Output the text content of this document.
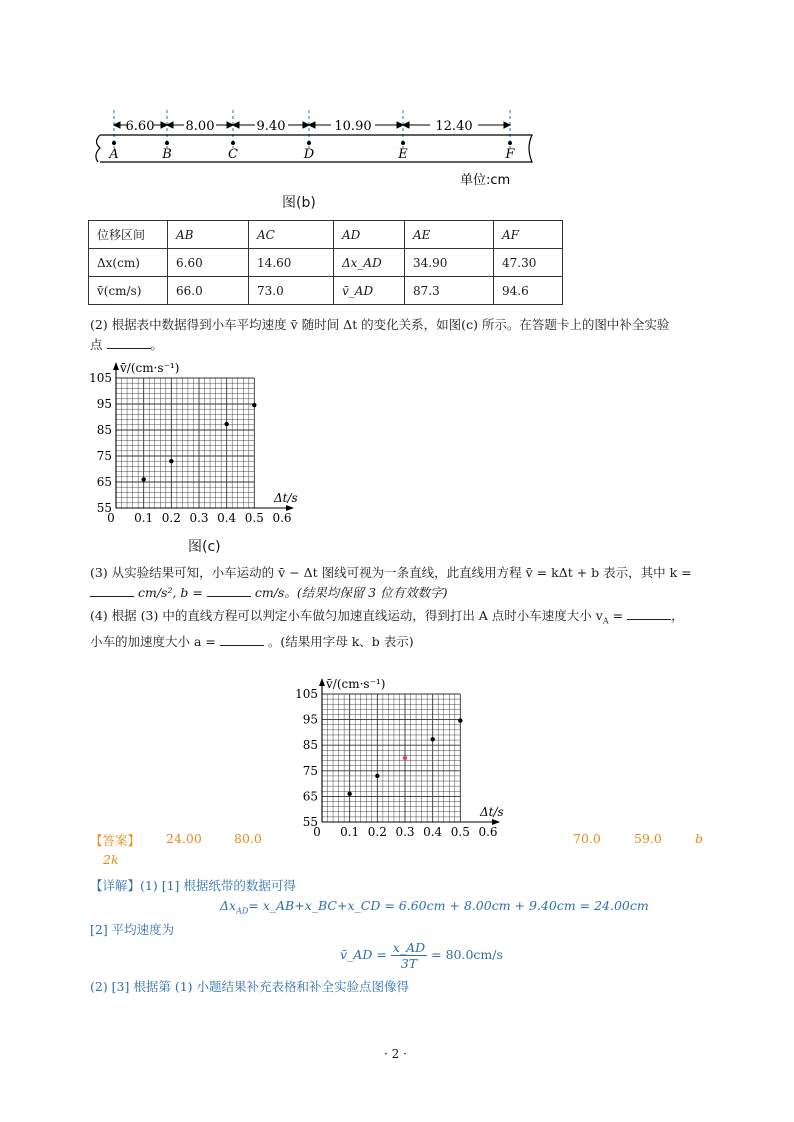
6.60 8.00	9.40	10.90	12.40
A	B	C	D	E	F
单位:cm
图(b)
位移区间	AB	AC	AD	AE	AF
Δx(cm)	6.60	14.60	Δx_AD	34.90	47.30
v̄(cm/s)	66.0	73.0	v̄_AD	87.3	94.6
(2) 根据表中数据得到小车平均速度 v̄ 随时间 Δt 的变化关系，如图(c) 所示。在答题卡上的图中补全实验
点	。
0 0.1 0.2 0.3 0.4 0.5 0.6
55
65
75
85
95
105
Δt/s
v̄/(cm·s⁻¹)
图(c)
(3) 从实验结果可知，小车运动的 v̄ − Δt 图线可视为一条直线，此直线用方程 v̄ = kΔt + b 表示，其中 k =
cm/s², b =	cm/s。(结果均保留 3 位有效数字)
(4) 根据 (3) 中的直线方程可以判定小车做匀加速直线运动，得到打出 A 点时小车速度大小 $v_A$ =	，
小车的加速度大小 a =	。(结果用字母 k、b 表示)
0 0.1 0.2 0.3 0.4 0.5 0.6
55
65
75
85
95
105
Δt/s
v̄/(cm·s⁻¹)
【答案】 24.00	80.0	70.0	59.0	b
2k
【详解】(1) [1] 根据纸带的数据可得
$\Delta x_{AD}=$ x_AB+x_BC+x_CD = 6.60cm + 8.00cm + 9.40cm = 24.00cm
[2] 平均速度为
v̄_AD = $\frac{x\_AD}{3T} = 80.0cm/s$
(2) [3] 根据第 (1) 小题结果补充表格和补全实验点图像得
· 2 ·
